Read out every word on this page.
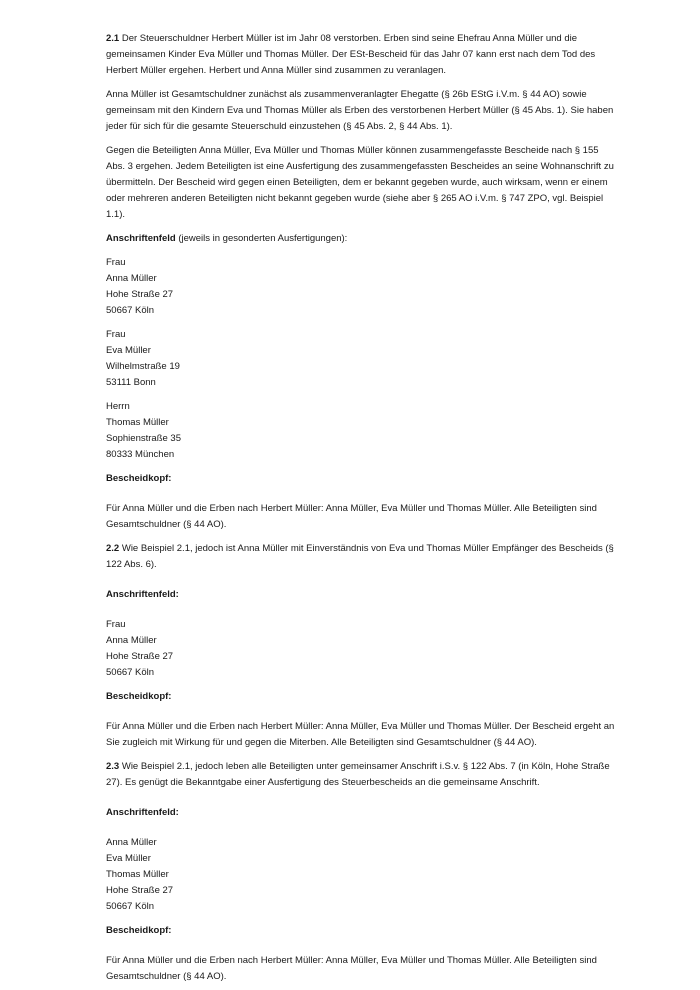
2.1 Der Steuerschuldner Herbert Müller ist im Jahr 08 verstorben. Erben sind seine Ehefrau Anna Müller und die gemeinsamen Kinder Eva Müller und Thomas Müller. Der ESt-Bescheid für das Jahr 07 kann erst nach dem Tod des Herbert Müller ergehen. Herbert und Anna Müller sind zusammen zu veranlagen.

Anna Müller ist Gesamtschuldner zunächst als zusammenveranlagter Ehegatte (§ 26b EStG i.V.m. § 44 AO) sowie gemeinsam mit den Kindern Eva und Thomas Müller als Erben des verstorbenen Herbert Müller (§ 45 Abs. 1). Sie haben jeder für sich für die gesamte Steuerschuld einzustehen (§ 45 Abs. 2, § 44 Abs. 1).

Gegen die Beteiligten Anna Müller, Eva Müller und Thomas Müller können zusammengefasste Bescheide nach § 155 Abs. 3 ergehen. Jedem Beteiligten ist eine Ausfertigung des zusammengefassten Bescheides an seine Wohnanschrift zu übermitteln. Der Bescheid wird gegen einen Beteiligten, dem er bekannt gegeben wurde, auch wirksam, wenn er einem oder mehreren anderen Beteiligten nicht bekannt gegeben wurde (siehe aber § 265 AO i.V.m. § 747 ZPO, vgl. Beispiel 1.1).

Anschriftenfeld (jeweils in gesonderten Ausfertigungen):

Frau
Anna Müller
Hohe Straße 27
50667 Köln
Frau
Eva Müller
Wilhelmstraße 19
53111 Bonn
Herrn
Thomas Müller
Sophienstraße 35
80333 München

Bescheidkopf:

Für Anna Müller und die Erben nach Herbert Müller: Anna Müller, Eva Müller und Thomas Müller. Alle Beteiligten sind Gesamtschuldner (§ 44 AO).

2.2 Wie Beispiel 2.1, jedoch ist Anna Müller mit Einverständnis von Eva und Thomas Müller Empfänger des Bescheids (§ 122 Abs. 6).

Anschriftenfeld:

Frau
Anna Müller
Hohe Straße 27
50667 Köln

Bescheidkopf:

Für Anna Müller und die Erben nach Herbert Müller: Anna Müller, Eva Müller und Thomas Müller. Der Bescheid ergeht an Sie zugleich mit Wirkung für und gegen die Miterben. Alle Beteiligten sind Gesamtschuldner (§ 44 AO).

2.3 Wie Beispiel 2.1, jedoch leben alle Beteiligten unter gemeinsamer Anschrift i.S.v. § 122 Abs. 7 (in Köln, Hohe Straße 27). Es genügt die Bekanntgabe einer Ausfertigung des Steuerbescheids an die gemeinsame Anschrift.

Anschriftenfeld:

Anna Müller
Eva Müller
Thomas Müller
Hohe Straße 27
50667 Köln

Bescheidkopf:

Für Anna Müller und die Erben nach Herbert Müller: Anna Müller, Eva Müller und Thomas Müller. Alle Beteiligten sind Gesamtschuldner (§ 44 AO).
